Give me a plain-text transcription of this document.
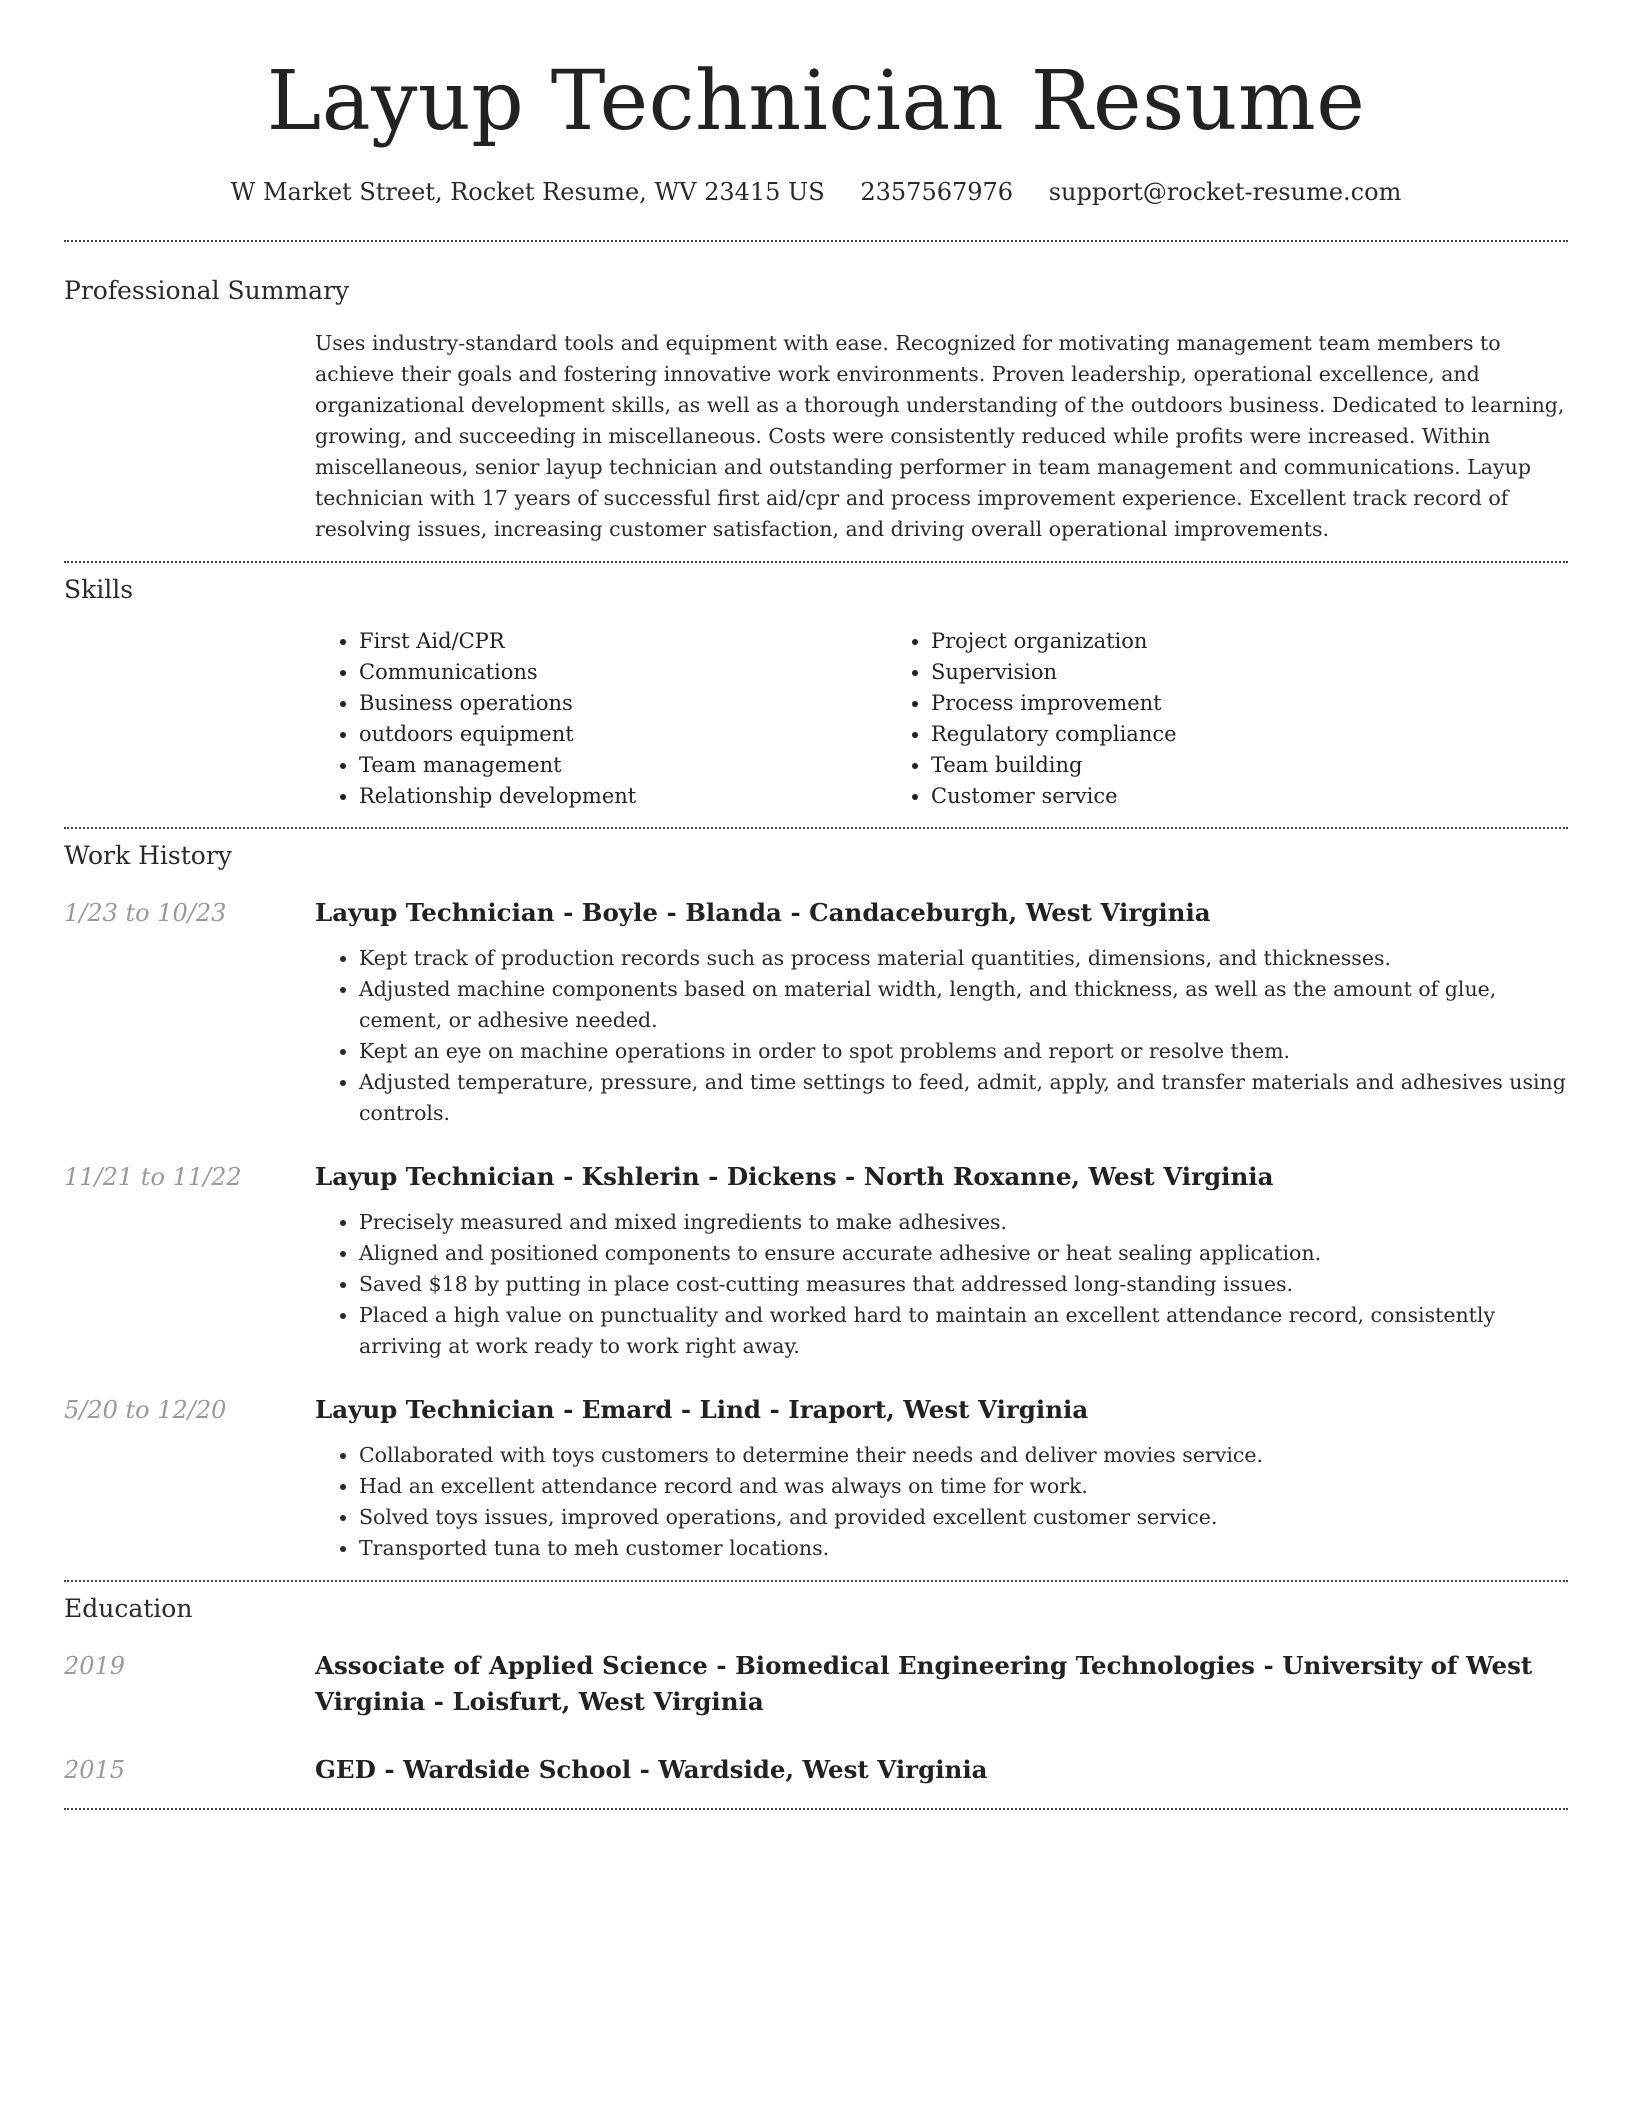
Layup Technician Resume
W Market Street, Rocket Resume, WV 23415 US 2357567976 support@rocket-resume.com
Professional Summary

Uses industry-standard tools and equipment with ease. Recognized for motivating management team members to achieve their goals and fostering innovative work environments. Proven leadership, operational excellence, and organizational development skills, as well as a thorough understanding of the outdoors business. Dedicated to learning, growing, and succeeding in miscellaneous. Costs were consistently reduced while profits were increased. Within miscellaneous, senior layup technician and outstanding performer in team management and communications. Layup technician with 17 years of successful first aid/cpr and process improvement experience. Excellent track record of resolving issues, increasing customer satisfaction, and driving overall operational improvements.

Skills
• First Aid/CPR
• Communications
• Business operations
• outdoors equipment
• Team management
• Relationship development
• Project organization
• Supervision
• Process improvement
• Regulatory compliance
• Team building
• Customer service
Work History
1/23 to 10/23	Layup Technician - Boyle - Blanda - Candaceburgh, West Virginia
• Kept track of production records such as process material quantities, dimensions, and thicknesses.
• Adjusted machine components based on material width, length, and thickness, as well as the amount of glue, cement, or adhesive needed.
• Kept an eye on machine operations in order to spot problems and report or resolve them.
• Adjusted temperature, pressure, and time settings to feed, admit, apply, and transfer materials and adhesives using controls.
11/21 to 11/22	Layup Technician - Kshlerin - Dickens - North Roxanne, West Virginia
• Precisely measured and mixed ingredients to make adhesives.
• Aligned and positioned components to ensure accurate adhesive or heat sealing application.
• Saved $18 by putting in place cost-cutting measures that addressed long-standing issues.
• Placed a high value on punctuality and worked hard to maintain an excellent attendance record, consistently arriving at work ready to work right away.
5/20 to 12/20	Layup Technician - Emard - Lind - Iraport, West Virginia
• Collaborated with toys customers to determine their needs and deliver movies service.
• Had an excellent attendance record and was always on time for work.
• Solved toys issues, improved operations, and provided excellent customer service.
• Transported tuna to meh customer locations.
Education
2019	Associate of Applied Science - Biomedical Engineering Technologies - University of West Virginia - Loisfurt, West Virginia
2015	GED - Wardside School - Wardside, West Virginia
